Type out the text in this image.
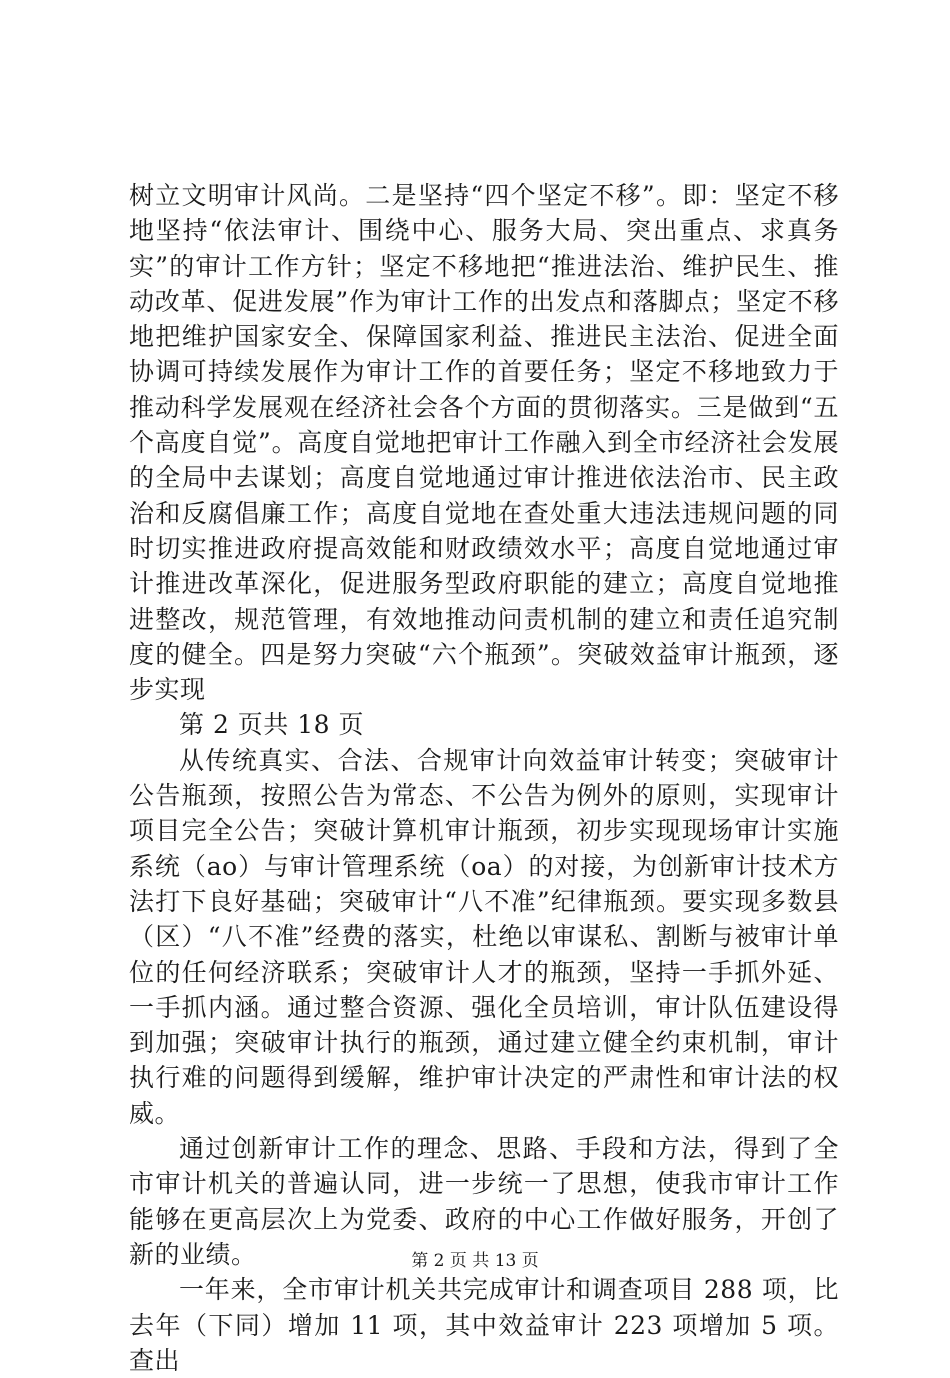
树立文明审计风尚。二是坚持“四个坚定不移”。即：坚定不移地坚持“依法审计、围绕中心、服务大局、突出重点、求真务实”的审计工作方针；坚定不移地把“推进法治、维护民生、推动改革、促进发展”作为审计工作的出发点和落脚点；坚定不移地把维护国家安全、保障国家利益、推进民主法治、促进全面协调可持续发展作为审计工作的首要任务；坚定不移地致力于推动科学发展观在经济社会各个方面的贯彻落实。三是做到“五个高度自觉”。高度自觉地把审计工作融入到全市经济社会发展的全局中去谋划；高度自觉地通过审计推进依法治市、民主政治和反腐倡廉工作；高度自觉地在查处重大违法违规问题的同时切实推进政府提高效能和财政绩效水平；高度自觉地通过审计推进改革深化，促进服务型政府职能的建立；高度自觉地推进整改，规范管理，有效地推动问责机制的建立和责任追究制度的健全。四是努力突破“六个瓶颈”。突破效益审计瓶颈，逐步实现

第 2 页共 18 页

从传统真实、合法、合规审计向效益审计转变；突破审计公告瓶颈，按照公告为常态、不公告为例外的原则，实现审计项目完全公告；突破计算机审计瓶颈，初步实现现场审计实施系统（ao）与审计管理系统（oa）的对接，为创新审计技术方法打下良好基础；突破审计“八不准”纪律瓶颈。要实现多数县（区）“八不准”经费的落实，杜绝以审谋私、割断与被审计单位的任何经济联系；突破审计人才的瓶颈，坚持一手抓外延、一手抓内涵。通过整合资源、强化全员培训，审计队伍建设得到加强；突破审计执行的瓶颈，通过建立健全约束机制，审计执行难的问题得到缓解，维护审计决定的严肃性和审计法的权威。

通过创新审计工作的理念、思路、手段和方法，得到了全市审计机关的普遍认同，进一步统一了思想，使我市审计工作能够在更高层次上为党委、政府的中心工作做好服务，开创了新的业绩。

一年来，全市审计机关共完成审计和调查项目 288 项，比去年（下同）增加 11 项，其中效益审计 223 项增加 5 项。查出

第 2 页 共 13 页
